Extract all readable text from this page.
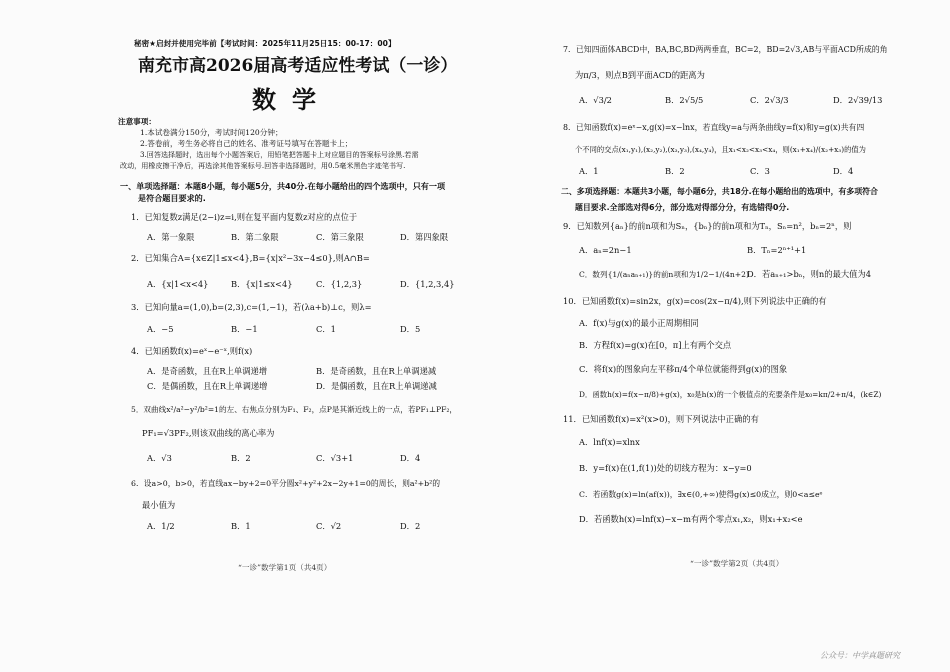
秘密★启封并使用完毕前【考试时间：2025年11月25日15：00-17：00】
南充市高2026届高考适应性考试（一诊）
数学
注意事项：
1.本试卷满分150分，考试时间120分钟；
2.答卷前，考生务必将自己的姓名、准考证号填写在答题卡上；
3.回答选择题时，选出每个小题答案后，用铅笔把答题卡上对应题目的答案标号涂黑.若需
改动，用橡皮擦干净后，再选涂其他答案标号.回答非选择题时，用0.5毫米黑色字迹笔书写.
一、单项选择题：本题8小题，每小题5分，共40分.在每小题给出的四个选项中，只有一项
是符合题目要求的.
1．已知复数z满足(2−i)z=i,则在复平面内复数z对应的点位于
A．第一象限	B．第二象限	C．第三象限	D．第四象限
2．已知集合A={x∈Z|1≤x<4},B={x|x²−3x−4≤0},则A∩B=
A．{x|1<x<4}	B．{x|1≤x<4}	C．{1,2,3}	D．{1,2,3,4}
3．已知向量a=(1,0),b=(2,3),c=(1,−1)，若(λa+b)⊥c，则λ=
A．−5	B．−1	C．1	D．5
4．已知函数f(x)=eˣ−e⁻ˣ,则f(x)
A．是奇函数，且在R上单调递增	B．是奇函数，且在R上单调递减
C．是偶函数，且在R上单调递增	D．是偶函数，且在R上单调递减
5．双曲线x²/a²−y²/b²=1的左、右焦点分别为F₁、F₂，点P是其渐近线上的一点，若PF₁⊥PF₂，
PF₁=√3PF₂,则该双曲线的离心率为
A．√3	B．2	C．√3+1	D．4
6．设a>0，b>0，若直线ax−by+2=0平分圆x²+y²+2x−2y+1=0的周长，则a²+b²的
最小值为
A．1/2	B．1	C．√2	D．2
“一诊”数学第1页（共4页）
7．已知四面体ABCD中，BA,BC,BD两两垂直，BC=2，BD=2√3,AB与平面ACD所成的角
为π/3，则点B到平面ACD的距离为
A．√3/2	B．2√5/5	C．2√3/3	D．2√39/13
8．已知函数f(x)=eˣ−x,g(x)=x−lnx，若直线y=a与两条曲线y=f(x)和y=g(x)共有四
个不同的交点(x₁,y₁),(x₂,y₂),(x₃,y₃),(x₄,y₄)，且x₁<x₂<x₃<x₄，则(x₁+x₄)/(x₂+x₃)的值为
A．1	B．2	C．3	D．4
二、多项选择题：本题共3小题，每小题6分，共18分.在每小题给出的选项中，有多项符合
题目要求.全部选对得6分，部分选对得部分分，有选错得0分.
9．已知数列{aₙ}的前n项和为Sₙ，{bₙ}的前n项和为Tₙ，Sₙ=n²，bₙ=2ⁿ，则
A．aₙ=2n−1	B．Tₙ=2ⁿ⁺¹+1
C．数列{1/(aₙaₙ₊₁)}的前n项和为1/2−1/(4n+2)
D．若aₙ₊₁>bₙ，则n的最大值为4
10．已知函数f(x)=sin2x，g(x)=cos(2x−π/4),则下列说法中正确的有
A．f(x)与g(x)的最小正周期相同
B．方程f(x)=g(x)在[0，π]上有两个交点
C．将f(x)的图象向左平移π/4个单位就能得到g(x)的图象
D．函数h(x)=f(x−π/8)+g(x)，x₀是h(x)的一个极值点的充要条件是x₀=kπ/2+π/4，(k∈Z)
11．已知函数f(x)=x²(x>0)，则下列说法中正确的有
A．lnf(x)=xlnx
B．y=f(x)在(1,f(1))处的切线方程为：x−y=0
C．若函数g(x)=ln(af(x))，∃x∈(0,+∞)使得g(x)≤0成立，则0<a≤eᵉ
D．若函数h(x)=lnf(x)−x−m有两个零点x₁,x₂，则x₁+x₂<e
“一诊”数学第2页（共4页）
公众号：中学真题研究
